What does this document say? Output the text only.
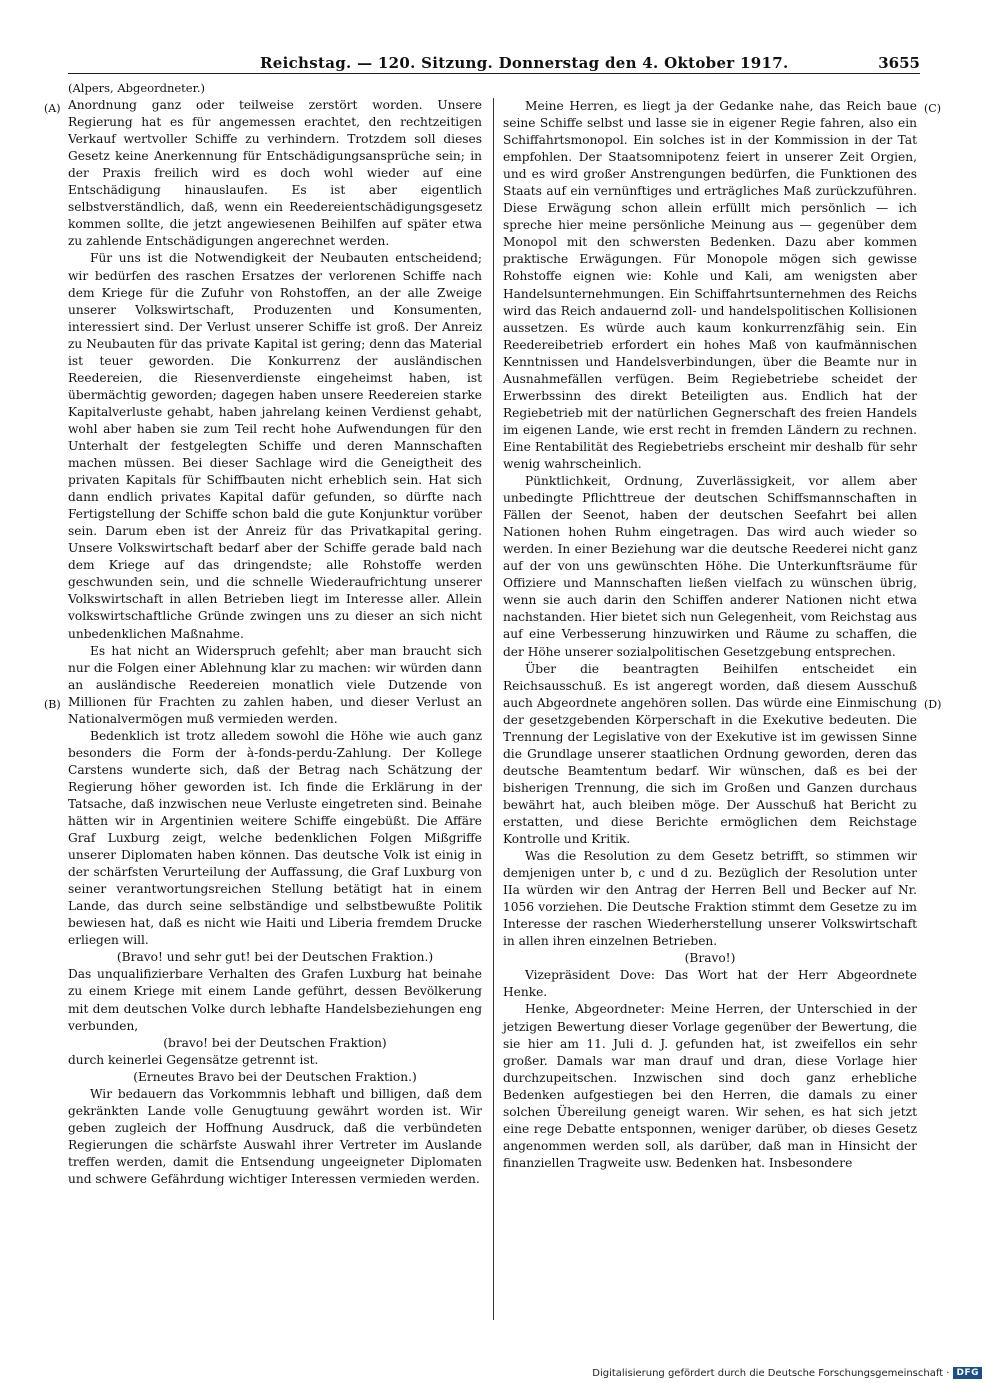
Reichstag. — 120. Sitzung. Donnerstag den 4. Oktober 1917.	3655
(A)
(B)
(C)
(D)

(Alpers, Abgeordneter.)

Anordnung ganz oder teilweise zerstört worden. Unsere Regierung hat es für angemessen erachtet, den rechtzeitigen Verkauf wertvoller Schiffe zu verhindern. Trotzdem soll dieses Gesetz keine Anerkennung für Entschädigungsansprüche sein; in der Praxis freilich wird es doch wohl wieder auf eine Entschädigung hinauslaufen. Es ist aber eigentlich selbstverständlich, daß, wenn ein Reedereientschädigungsgesetz kommen sollte, die jetzt angewiesenen Beihilfen auf später etwa zu zahlende Entschädigungen angerechnet werden.

Für uns ist die Notwendigkeit der Neubauten entscheidend; wir bedürfen des raschen Ersatzes der verlorenen Schiffe nach dem Kriege für die Zufuhr von Rohstoffen, an der alle Zweige unserer Volkswirtschaft, Produzenten und Konsumenten, interessiert sind. Der Verlust unserer Schiffe ist groß. Der Anreiz zu Neubauten für das private Kapital ist gering; denn das Material ist teuer geworden. Die Konkurrenz der ausländischen Reedereien, die Riesenverdienste eingeheimst haben, ist übermächtig geworden; dagegen haben unsere Reedereien starke Kapitalverluste gehabt, haben jahrelang keinen Verdienst gehabt, wohl aber haben sie zum Teil recht hohe Aufwendungen für den Unterhalt der festgelegten Schiffe und deren Mannschaften machen müssen. Bei dieser Sachlage wird die Geneigtheit des privaten Kapitals für Schiffbauten nicht erheblich sein. Hat sich dann endlich privates Kapital dafür gefunden, so dürfte nach Fertigstellung der Schiffe schon bald die gute Konjunktur vorüber sein. Darum eben ist der Anreiz für das Privatkapital gering. Unsere Volkswirtschaft bedarf aber der Schiffe gerade bald nach dem Kriege auf das dringendste; alle Rohstoffe werden geschwunden sein, und die schnelle Wiederaufrichtung unserer Volkswirtschaft in allen Betrieben liegt im Interesse aller. Allein volkswirtschaftliche Gründe zwingen uns zu dieser an sich nicht unbedenklichen Maßnahme.

Es hat nicht an Widerspruch gefehlt; aber man braucht sich nur die Folgen einer Ablehnung klar zu machen: wir würden dann an ausländische Reedereien monatlich viele Dutzende von Millionen für Frachten zu zahlen haben, und dieser Verlust an Nationalvermögen muß vermieden werden.

Bedenklich ist trotz alledem sowohl die Höhe wie auch ganz besonders die Form der à-fonds-perdu-Zahlung. Der Kollege Carstens wunderte sich, daß der Betrag nach Schätzung der Regierung höher geworden ist. Ich finde die Erklärung in der Tatsache, daß inzwischen neue Verluste eingetreten sind. Beinahe hätten wir in Argentinien weitere Schiffe eingebüßt. Die Affäre Graf Luxburg zeigt, welche bedenklichen Folgen Mißgriffe unserer Diplomaten haben können. Das deutsche Volk ist einig in der schärfsten Verurteilung der Auffassung, die Graf Luxburg von seiner verantwortungsreichen Stellung betätigt hat in einem Lande, das durch seine selbständige und selbstbewußte Politik bewiesen hat, daß es nicht wie Haiti und Liberia fremdem Drucke erliegen will.

(Bravo! und sehr gut! bei der Deutschen Fraktion.)

Das unqualifizierbare Verhalten des Grafen Luxburg hat beinahe zu einem Kriege mit einem Lande geführt, dessen Bevölkerung mit dem deutschen Volke durch lebhafte Handelsbeziehungen eng verbunden,

(bravo! bei der Deutschen Fraktion)

durch keinerlei Gegensätze getrennt ist.

(Erneutes Bravo bei der Deutschen Fraktion.)

Wir bedauern das Vorkommnis lebhaft und billigen, daß dem gekränkten Lande volle Genugtuung gewährt worden ist. Wir geben zugleich der Hoffnung Ausdruck, daß die verbündeten Regierungen die schärfste Auswahl ihrer Vertreter im Auslande treffen werden, damit die Entsendung ungeeigneter Diplomaten und schwere Gefährdung wichtiger Interessen vermieden werden.

Meine Herren, es liegt ja der Gedanke nahe, das Reich baue seine Schiffe selbst und lasse sie in eigener Regie fahren, also ein Schiffahrtsmonopol. Ein solches ist in der Kommission in der Tat empfohlen. Der Staatsomnipotenz feiert in unserer Zeit Orgien, und es wird großer Anstrengungen bedürfen, die Funktionen des Staats auf ein vernünftiges und erträgliches Maß zurückzuführen. Diese Erwägung schon allein erfüllt mich persönlich — ich spreche hier meine persönliche Meinung aus — gegenüber dem Monopol mit den schwersten Bedenken. Dazu aber kommen praktische Erwägungen. Für Monopole mögen sich gewisse Rohstoffe eignen wie: Kohle und Kali, am wenigsten aber Handelsunternehmungen. Ein Schiffahrtsunternehmen des Reichs wird das Reich andauernd zoll- und handelspolitischen Kollisionen aussetzen. Es würde auch kaum konkurrenzfähig sein. Ein Reedereibetrieb erfordert ein hohes Maß von kaufmännischen Kenntnissen und Handelsverbindungen, über die Beamte nur in Ausnahmefällen verfügen. Beim Regiebetriebe scheidet der Erwerbssinn des direkt Beteiligten aus. Endlich hat der Regiebetrieb mit der natürlichen Gegnerschaft des freien Handels im eigenen Lande, wie erst recht in fremden Ländern zu rechnen. Eine Rentabilität des Regiebetriebs erscheint mir deshalb für sehr wenig wahrscheinlich.

Pünktlichkeit, Ordnung, Zuverlässigkeit, vor allem aber unbedingte Pflichttreue der deutschen Schiffsmannschaften in Fällen der Seenot, haben der deutschen Seefahrt bei allen Nationen hohen Ruhm eingetragen. Das wird auch wieder so werden. In einer Beziehung war die deutsche Reederei nicht ganz auf der von uns gewünschten Höhe. Die Unterkunftsräume für Offiziere und Mannschaften ließen vielfach zu wünschen übrig, wenn sie auch darin den Schiffen anderer Nationen nicht etwa nachstanden. Hier bietet sich nun Gelegenheit, vom Reichstag aus auf eine Verbesserung hinzuwirken und Räume zu schaffen, die der Höhe unserer sozialpolitischen Gesetzgebung entsprechen.

Über die beantragten Beihilfen entscheidet ein Reichsausschuß. Es ist angeregt worden, daß diesem Ausschuß auch Abgeordnete angehören sollen. Das würde eine Einmischung der gesetzgebenden Körperschaft in die Exekutive bedeuten. Die Trennung der Legislative von der Exekutive ist im gewissen Sinne die Grundlage unserer staatlichen Ordnung geworden, deren das deutsche Beamtentum bedarf. Wir wünschen, daß es bei der bisherigen Trennung, die sich im Großen und Ganzen durchaus bewährt hat, auch bleiben möge. Der Ausschuß hat Bericht zu erstatten, und diese Berichte ermöglichen dem Reichstage Kontrolle und Kritik.

Was die Resolution zu dem Gesetz betrifft, so stimmen wir demjenigen unter b, c und d zu. Bezüglich der Resolution unter IIa würden wir den Antrag der Herren Bell und Becker auf Nr. 1056 vorziehen. Die Deutsche Fraktion stimmt dem Gesetze zu im Interesse der raschen Wiederherstellung unserer Volkswirtschaft in allen ihren einzelnen Betrieben.

(Bravo!)

Vizepräsident Dove: Das Wort hat der Herr Abgeordnete Henke.

Henke, Abgeordneter: Meine Herren, der Unterschied in der jetzigen Bewertung dieser Vorlage gegenüber der Bewertung, die sie hier am 11. Juli d. J. gefunden hat, ist zweifellos ein sehr großer. Damals war man drauf und dran, diese Vorlage hier durchzupeitschen. Inzwischen sind doch ganz erhebliche Bedenken aufgestiegen bei den Herren, die damals zu einer solchen Übereilung geneigt waren. Wir sehen, es hat sich jetzt eine rege Debatte entsponnen, weniger darüber, ob dieses Gesetz angenommen werden soll, als darüber, daß man in Hinsicht der finanziellen Tragweite usw. Bedenken hat. Insbesondere

Digitalisierung gefördert durch die Deutsche Forschungsgemeinschaft · DFG
